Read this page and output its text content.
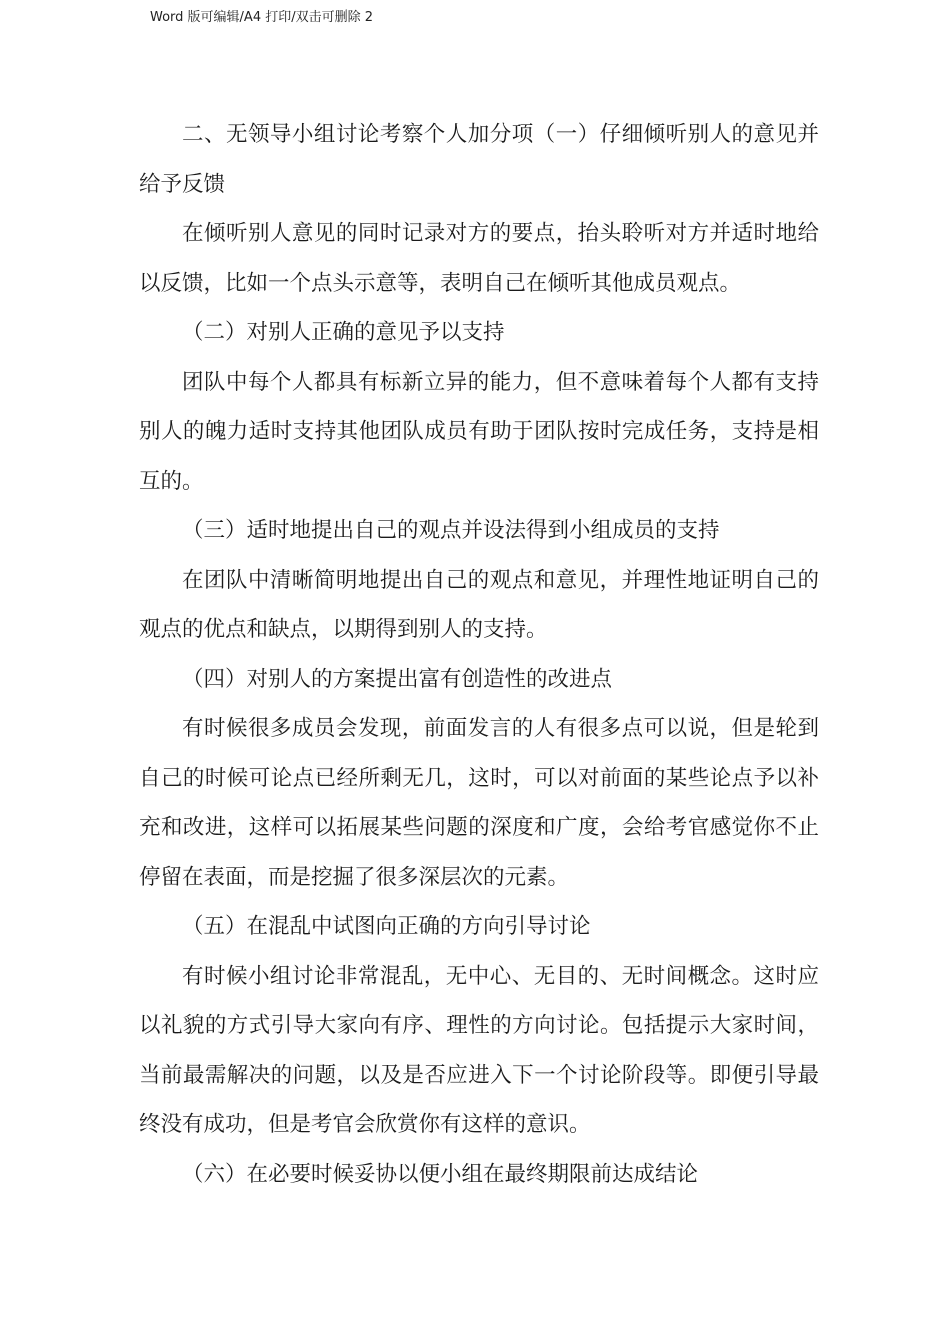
Word 版可编辑/A4 打印/双击可删除 2

二、无领导小组讨论考察个人加分项（一）仔细倾听别人的意见并给予反馈

在倾听别人意见的同时记录对方的要点，抬头聆听对方并适时地给以反馈，比如一个点头示意等，表明自己在倾听其他成员观点。

（二）对别人正确的意见予以支持

团队中每个人都具有标新立异的能力，但不意味着每个人都有支持别人的魄力适时支持其他团队成员有助于团队按时完成任务，支持是相互的。

（三）适时地提出自己的观点并设法得到小组成员的支持

在团队中清晰简明地提出自己的观点和意见，并理性地证明自己的观点的优点和缺点，以期得到别人的支持。

（四）对别人的方案提出富有创造性的改进点

有时候很多成员会发现，前面发言的人有很多点可以说，但是轮到自己的时候可论点已经所剩无几，这时，可以对前面的某些论点予以补充和改进，这样可以拓展某些问题的深度和广度，会给考官感觉你不止停留在表面，而是挖掘了很多深层次的元素。

（五）在混乱中试图向正确的方向引导讨论

有时候小组讨论非常混乱，无中心、无目的、无时间概念。这时应以礼貌的方式引导大家向有序、理性的方向讨论。包括提示大家时间，当前最需解决的问题，以及是否应进入下一个讨论阶段等。即便引导最终没有成功，但是考官会欣赏你有这样的意识。

（六）在必要时候妥协以便小组在最终期限前达成结论
